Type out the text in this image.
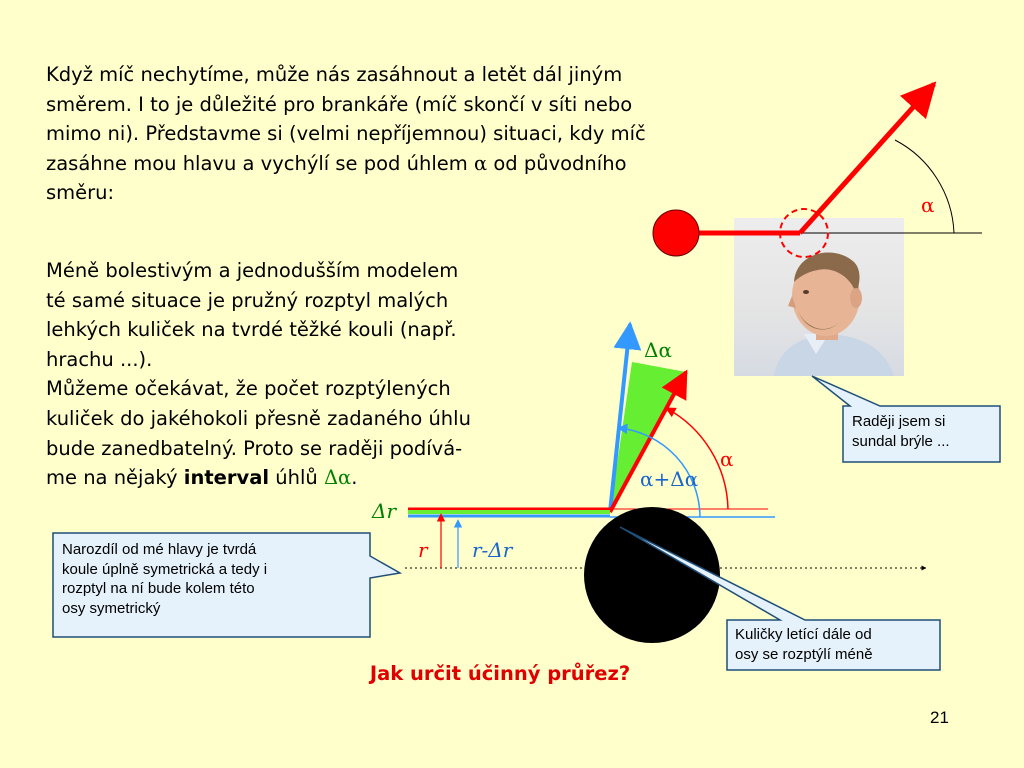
Když míč nechytíme, může nás zasáhnout a letět dál jiným
směrem. I to je důležité pro brankáře (míč skončí v síti nebo
mimo ni). Představme si (velmi nepříjemnou) situaci, kdy míč
zasáhne mou hlavu a vychýlí se pod úhlem α od původního
směru:

Méně bolestivým a jednodušším modelem
té samé situace je pružný rozptyl malých
lehkých kuliček na tvrdé těžké kouli (např.
hrachu ...).
Můžeme očekávat, že počet rozptýlených
kuliček do jakéhokoli přesně zadaného úhlu
bude zanedbatelný. Proto se raději podívá-
me na nějaký interval úhlů Δα.

α
Δα
α
α+Δα
Δr
r r-Δr

Raději jsem si
sundal brýle ...

Narozdíl od mé hlavy je tvrdá
koule úplně symetrická a tedy i
rozptyl na ní bude kolem této
osy symetrický

Kuličky letící dále od
osy se rozptýlí méně

Jak určit účinný průřez?

21
